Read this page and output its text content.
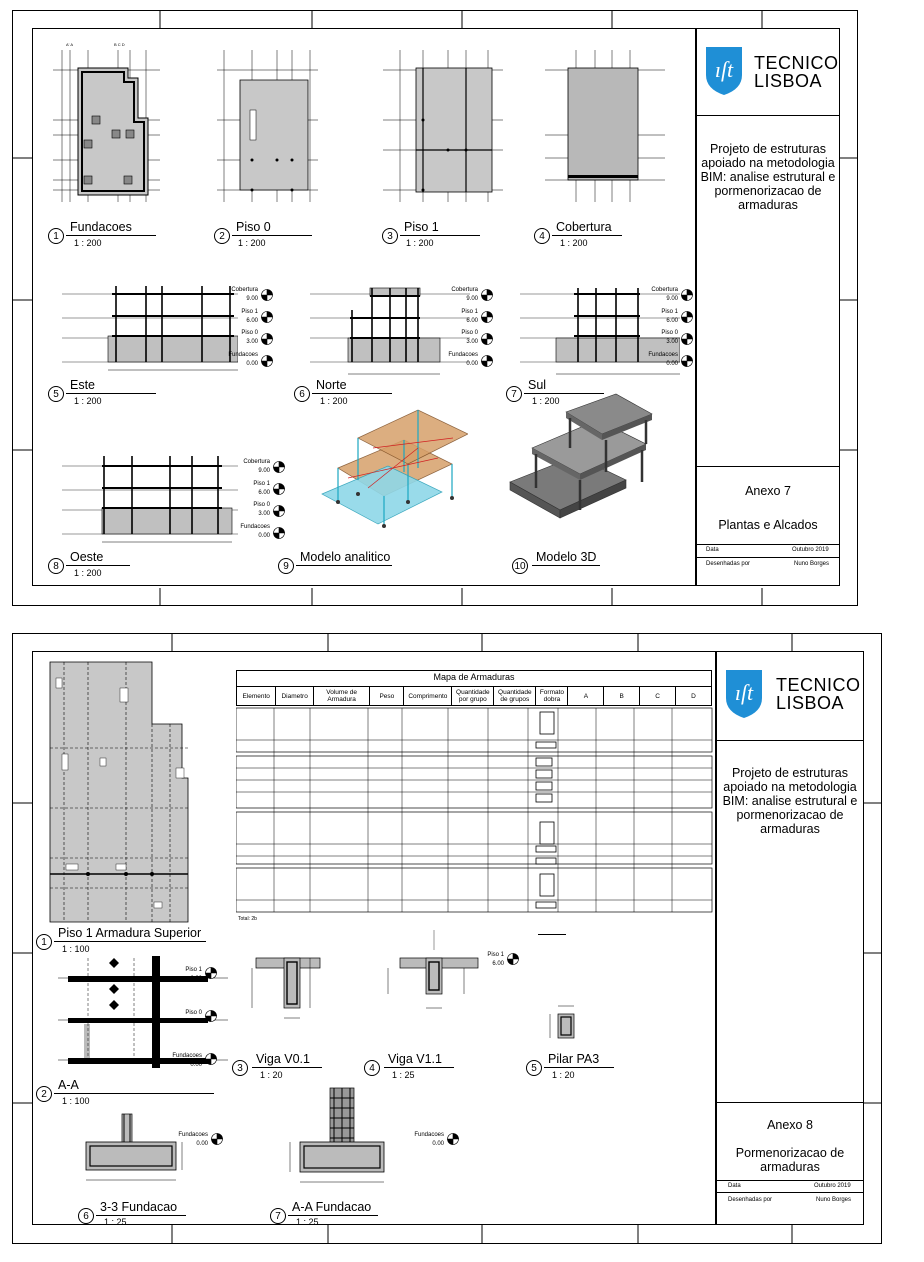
ıſt TECNICO
LISBOA
Projeto de estruturas apoiado na metodologia BIM: analise estrutural e pormenorizacao de armaduras
Anexo 7
Plantas e Alcados
Data	Outubro 2019
Desenhadas por	Nuno Borges
A' A	B C D
1
Fundacoes
1 : 200
2
Piso 0
1 : 200
3
Piso 1
1 : 200
4
Cobertura
1 : 200
Cobertura
9.00
Piso 1
6.00
Piso 0
3.00
Fundacoes
0.00
Cobertura
9.00
Piso 1
6.00
Piso 0
3.00
Fundacoes
0.00
Cobertura
9.00
Piso 1
6.00
Piso 0
3.00
Fundacoes
0.00
5
Este
1 : 200
6
Norte
1 : 200
7
Sul
1 : 200
Cobertura
9.00
Piso 1
6.00
Piso 0
3.00
Fundacoes
0.00
8
Oeste
1 : 200
9
Modelo analitico
10
Modelo 3D
ıſt TECNICO
LISBOA
Projeto de estruturas apoiado na metodologia BIM: analise estrutural e pormenorizacao de armaduras
Anexo 8
Pormenorizacao de armaduras
Data	Outubro 2019
Desenhadas por	Nuno Borges
1
Piso 1 Armadura Superior
1 : 100
Mapa de Armaduras
Elemento	Diametro	Volume de Armadura	Peso	Comprimento	Quantidade por grupo	Quantidade de grupos	Formato dobra	A	B	C	D
Total: 2b
Piso 1
6.00
Piso 0
3.00
Fundacoes
0.00
2
A-A
1 : 100
3
Viga V0.1
1 : 20
Piso 1
6.00
4
Viga V1.1
1 : 25
5
Pilar PA3
1 : 20
Fundacoes
0.00
6
3-3 Fundacao
1 : 25
Fundacoes
0.00
7
A-A Fundacao
1 : 25
